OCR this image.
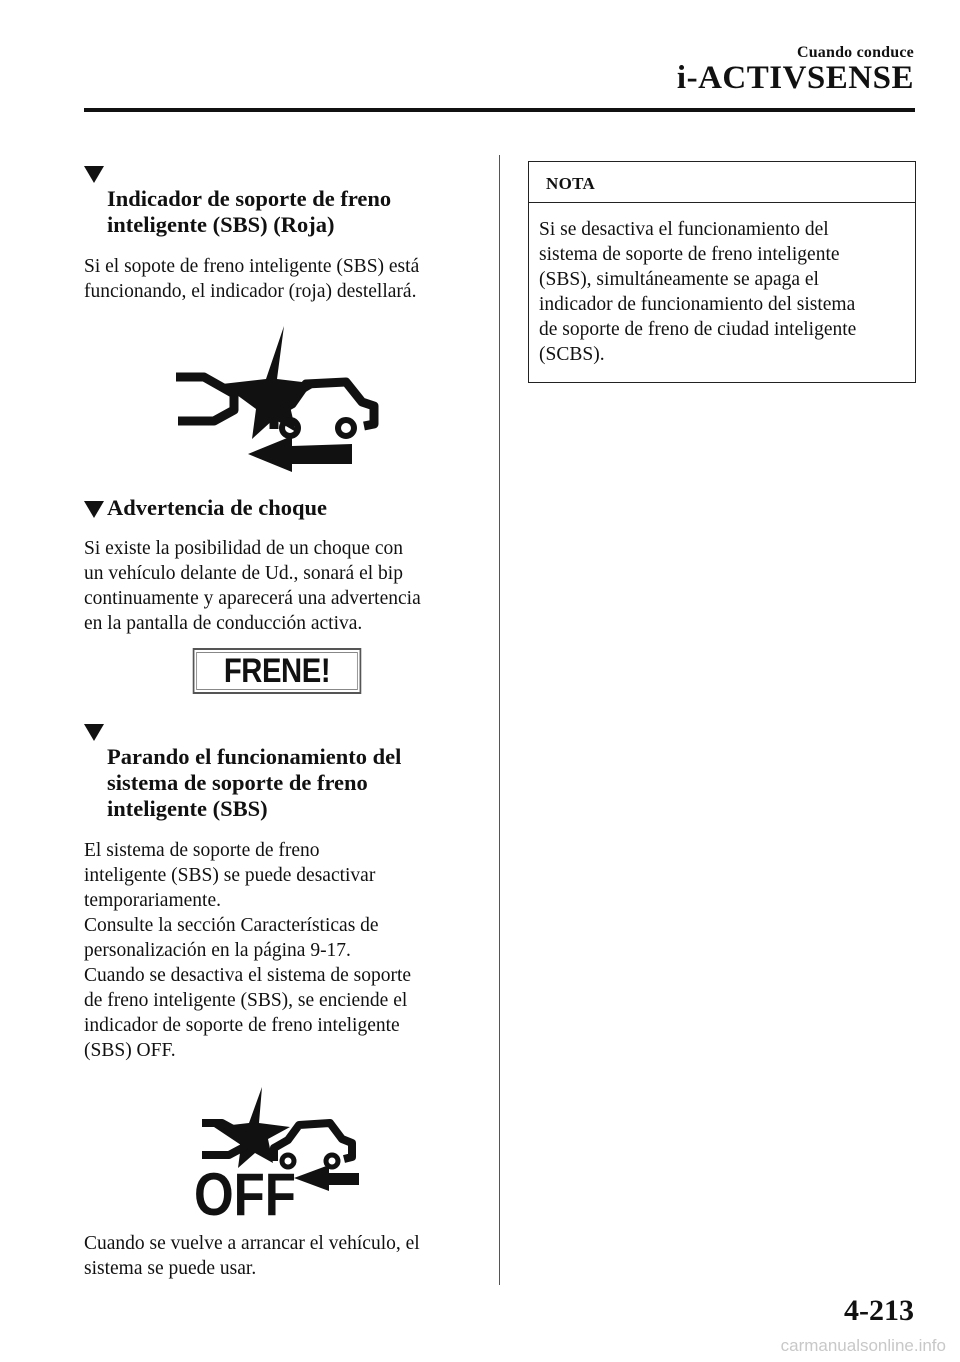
Cuando conduce
i-ACTIVSENSE

Indicador de soporte de freno
inteligente (SBS) (Roja)

Si el sopote de freno inteligente (SBS) está
funcionando, el indicador (roja) destellará.

Advertencia de choque

Si existe la posibilidad de un choque con
un vehículo delante de Ud., sonará el bip
continuamente y aparecerá una advertencia
en la pantalla de conducción activa.

FRENE!

Parando el funcionamiento del
sistema de soporte de freno
inteligente (SBS)

El sistema de soporte de freno
inteligente (SBS) se puede desactivar
temporariamente.
Consulte la sección Características de
personalización en la página 9-17.
Cuando se desactiva el sistema de soporte
de freno inteligente (SBS), se enciende el
indicador de soporte de freno inteligente
(SBS) OFF.

OFF

Cuando se vuelve a arrancar el vehículo, el
sistema se puede usar.

NOTA

Si se desactiva el funcionamiento del
sistema de soporte de freno inteligente
(SBS), simultáneamente se apaga el
indicador de funcionamiento del sistema
de soporte de freno de ciudad inteligente
(SCBS).

4-213
carmanualsonline.info
